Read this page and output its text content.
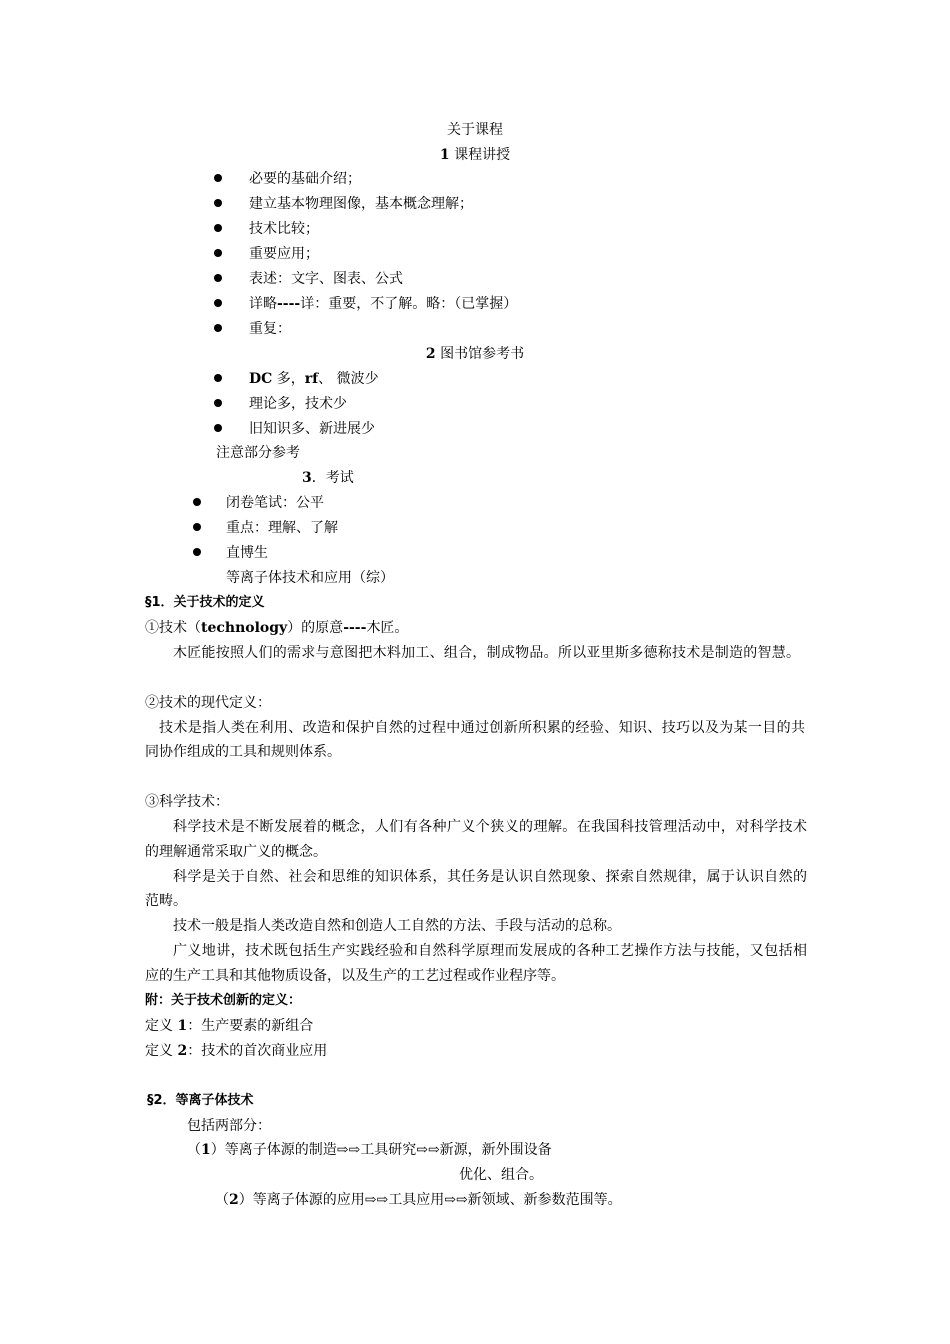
关于课程
1 课程讲授
必要的基础介绍；
建立基本物理图像，基本概念理解；
技术比较；
重要应用；
表述：文字、图表、公式
详略----详：重要，不了解。略：（已掌握）
重复：
2 图书馆参考书
DC 多，rf、 微波少
理论多，技术少
旧知识多、新进展少
注意部分参考
3．考试
闭卷笔试：公平
重点：理解、了解
直博生
等离子体技术和应用（综）
§1．关于技术的定义
①技术（technology）的原意----木匠。
木匠能按照人们的需求与意图把木料加工、组合，制成物品。所以亚里斯多德称技术是制造的智慧。
②技术的现代定义：
技术是指人类在利用、改造和保护自然的过程中通过创新所积累的经验、知识、技巧以及为某一目的共
同协作组成的工具和规则体系。
③科学技术：
科学技术是不断发展着的概念，人们有各种广义个狭义的理解。在我国科技管理活动中，对科学技术
的理解通常采取广义的概念。
科学是关于自然、社会和思维的知识体系，其任务是认识自然现象、探索自然规律，属于认识自然的
范畴。
技术一般是指人类改造自然和创造人工自然的方法、手段与活动的总称。
广义地讲，技术既包括生产实践经验和自然科学原理而发展成的各种工艺操作方法与技能，又包括相
应的生产工具和其他物质设备，以及生产的工艺过程或作业程序等。
附：关于技术创新的定义：
定义 1：生产要素的新组合
定义 2：技术的首次商业应用
§2．等离子体技术
包括两部分：
（1）等离子体源的制造⇨⇨工具研究⇨⇨新源，新外围设备
优化、组合。
（2）等离子体源的应用⇨⇨工具应用⇨⇨新领域、新参数范围等。
